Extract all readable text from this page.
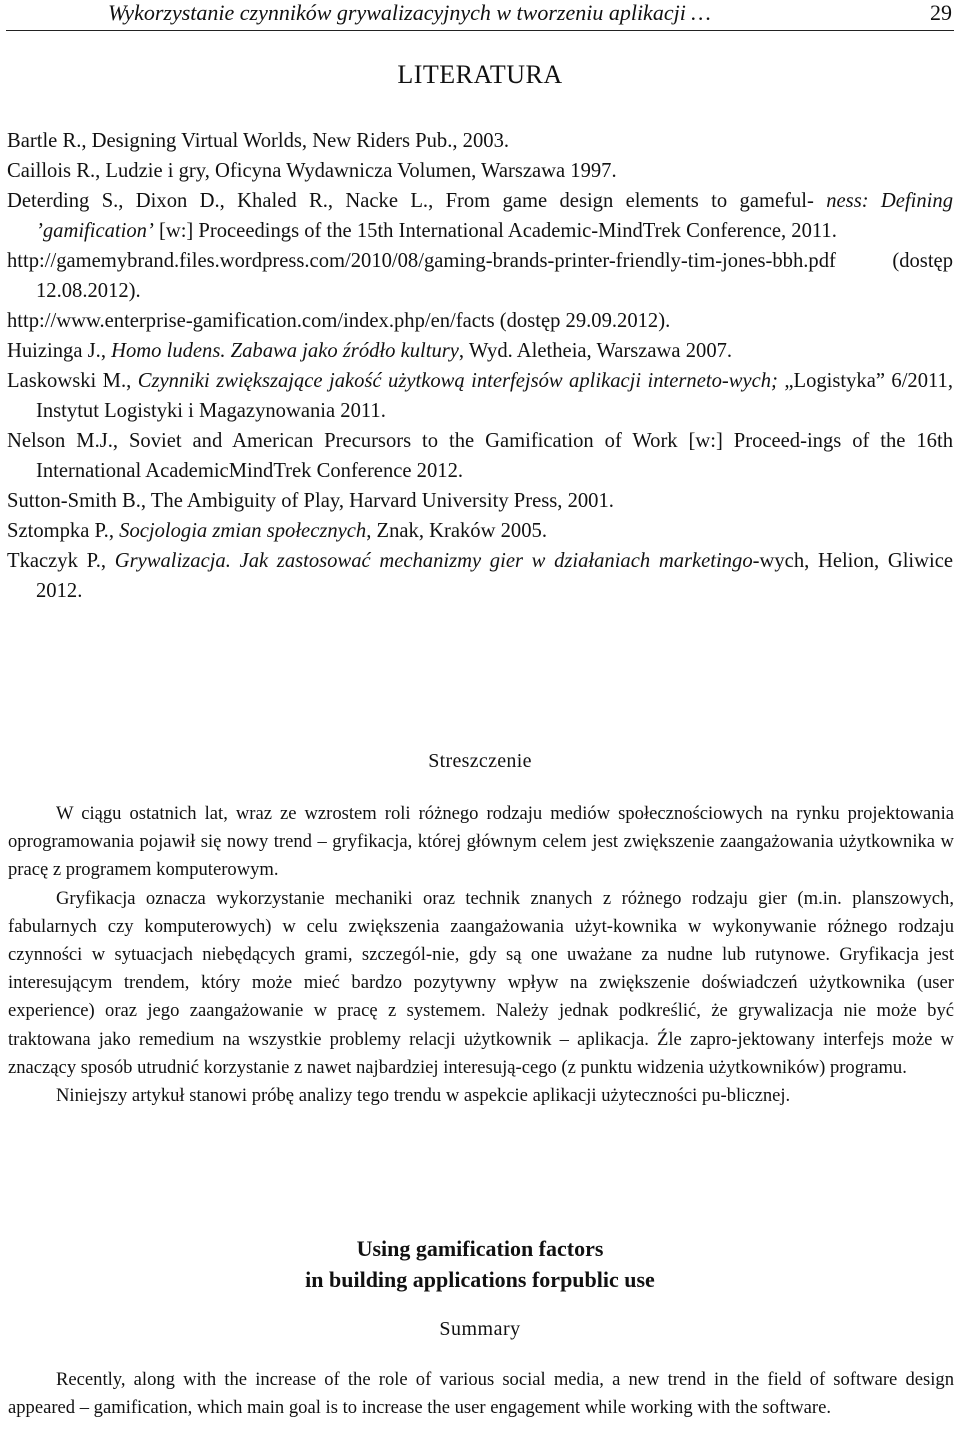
Wykorzystanie czynników grywalizacyjnych w tworzeniu aplikacji …	29
LITERATURA
Bartle R., Designing Virtual Worlds, New Riders Pub., 2003.
Caillois R., Ludzie i gry, Oficyna Wydawnicza Volumen, Warszawa 1997.
Deterding S., Dixon D., Khaled R., Nacke L., From game design elements to gameful- ness: Defining ’gamification’ [w:] Proceedings of the 15th International Academic-MindTrek Conference, 2011.
http://gamemybrand.files.wordpress.com/2010/08/gaming-brands-printer-friendly-tim-jones-bbh.pdf (dostęp 12.08.2012).
http://www.enterprise-gamification.com/index.php/en/facts (dostęp 29.09.2012).
Huizinga J., Homo ludens. Zabawa jako źródło kultury, Wyd. Aletheia, Warszawa 2007.
Laskowski M., Czynniki zwiększające jakość użytkową interfejsów aplikacji interneto-wych; „Logistyka” 6/2011, Instytut Logistyki i Magazynowania 2011.
Nelson M.J., Soviet and American Precursors to the Gamification of Work [w:] Proceed-ings of the 16th International AcademicMindTrek Conference 2012.
Sutton-Smith B., The Ambiguity of Play, Harvard University Press, 2001.
Sztompka P., Socjologia zmian społecznych, Znak, Kraków 2005.
Tkaczyk P., Grywalizacja. Jak zastosować mechanizmy gier w działaniach marketingo-wych, Helion, Gliwice 2012.
Streszczenie

W ciągu ostatnich lat, wraz ze wzrostem roli różnego rodzaju mediów społecznościowych na rynku projektowania oprogramowania pojawił się nowy trend – gryfikacja, której głównym celem jest zwiększenie zaangażowania użytkownika w pracę z programem komputerowym.

Gryfikacja oznacza wykorzystanie mechaniki oraz technik znanych z różnego rodzaju gier (m.in. planszowych, fabularnych czy komputerowych) w celu zwiększenia zaangażowania użyt-kownika w wykonywanie różnego rodzaju czynności w sytuacjach niebędących grami, szczegól-nie, gdy są one uważane za nudne lub rutynowe. Gryfikacja jest interesującym trendem, który może mieć bardzo pozytywny wpływ na zwiększenie doświadczeń użytkownika (user experience) oraz jego zaangażowanie w pracę z systemem. Należy jednak podkreślić, że grywalizacja nie może być traktowana jako remedium na wszystkie problemy relacji użytkownik – aplikacja. Źle zapro-jektowany interfejs może w znaczący sposób utrudnić korzystanie z nawet najbardziej interesują-cego (z punktu widzenia użytkowników) programu.

Niniejszy artykuł stanowi próbę analizy tego trendu w aspekcie aplikacji użyteczności pu-blicznej.

Using gamification factors
in building applications forpublic use
Summary

Recently, along with the increase of the role of various social media, a new trend in the field of software design appeared – gamification, which main goal is to increase the user engagement while working with the software.
